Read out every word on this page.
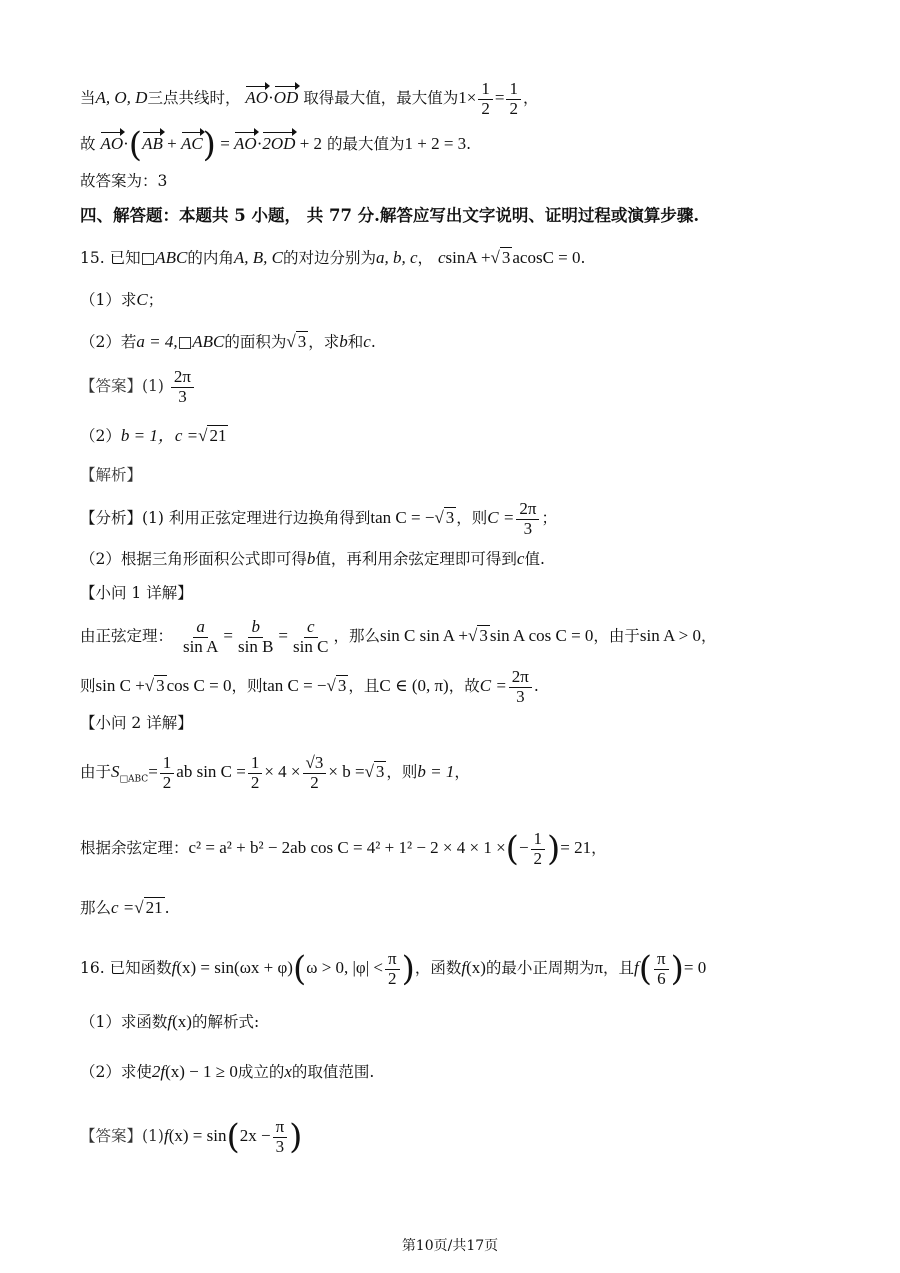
当A, O, D三点共线时， AO·OD 取得最大值，最大值为$1\times \frac{1}{2} = \frac{1}{2}$ ，
故 AO·(AB + AC) = AO·2OD + 2 的最大值为1 + 2 = 3.
故答案为：3
四、解答题：本题共 5 小题， 共 77 分.解答应写出文字说明、证明过程或演算步骤.
15. 已知□ABC的内角A, B, C的对边分别为a, b, c， csinA +√ 3 acosC = 0.
（1）求C；
（2）若a = 4,□ABC的面积为√ 3 ，求b和c.
【答案】$(1) \frac{2\pi}{3}$
（2）b = 1，c =√ 21
【解析】
【分析】(1) 利用正弦定理进行边换角得到tan C = −√ 3 ，则$C = \frac{2\pi}{3}$ ；
（2）根据三角形面积公式即可得b值，再利用余弦定理即可得到c值.
【小问 1 详解】
由正弦定理： $\frac{a}{\text{sin A}} = \frac{b}{\text{sin B}} = \frac{c}{\text{sin C}}$ ，那么sin C sin A +√ 3 sin A cos C = 0，由于sin A > 0，
则sin C +√ 3 cos C = 0，则tan C = −√ 3 ，且C ∈ (0, π)，故$C = \frac{2\pi}{3}$ .
【小问 2 详解】
由于$S_{□ABC}= \frac{1}{2}$ ab $\sin C = \frac{1}{2} \times 4 \times \frac{√3}{2} \times b$ =√ 3 ，则b = 1，
根据余弦定理：c² = a² + b² − 2ab cos C = 4² + 1² − 2 × 4 × 1 ×(− $\frac{1}{2}$ )= 21，
那么c =√ 21 .
16. 已知函数f(x) = sin(ωx + φ)(ω > 0, $|\varphi| < \frac{\pi}{2}$ )，函数f(x)的最小正周期为π，且$f( \frac{\pi}{6}$ )= 0
（1）求函数f(x)的解析式:
（2）求使2f(x) − 1 ≥ 0成立的x的取值范围.
【答案】$(1)f(x) = \sin(2x - \frac{\pi}{3}$ )
第10页/共17页
